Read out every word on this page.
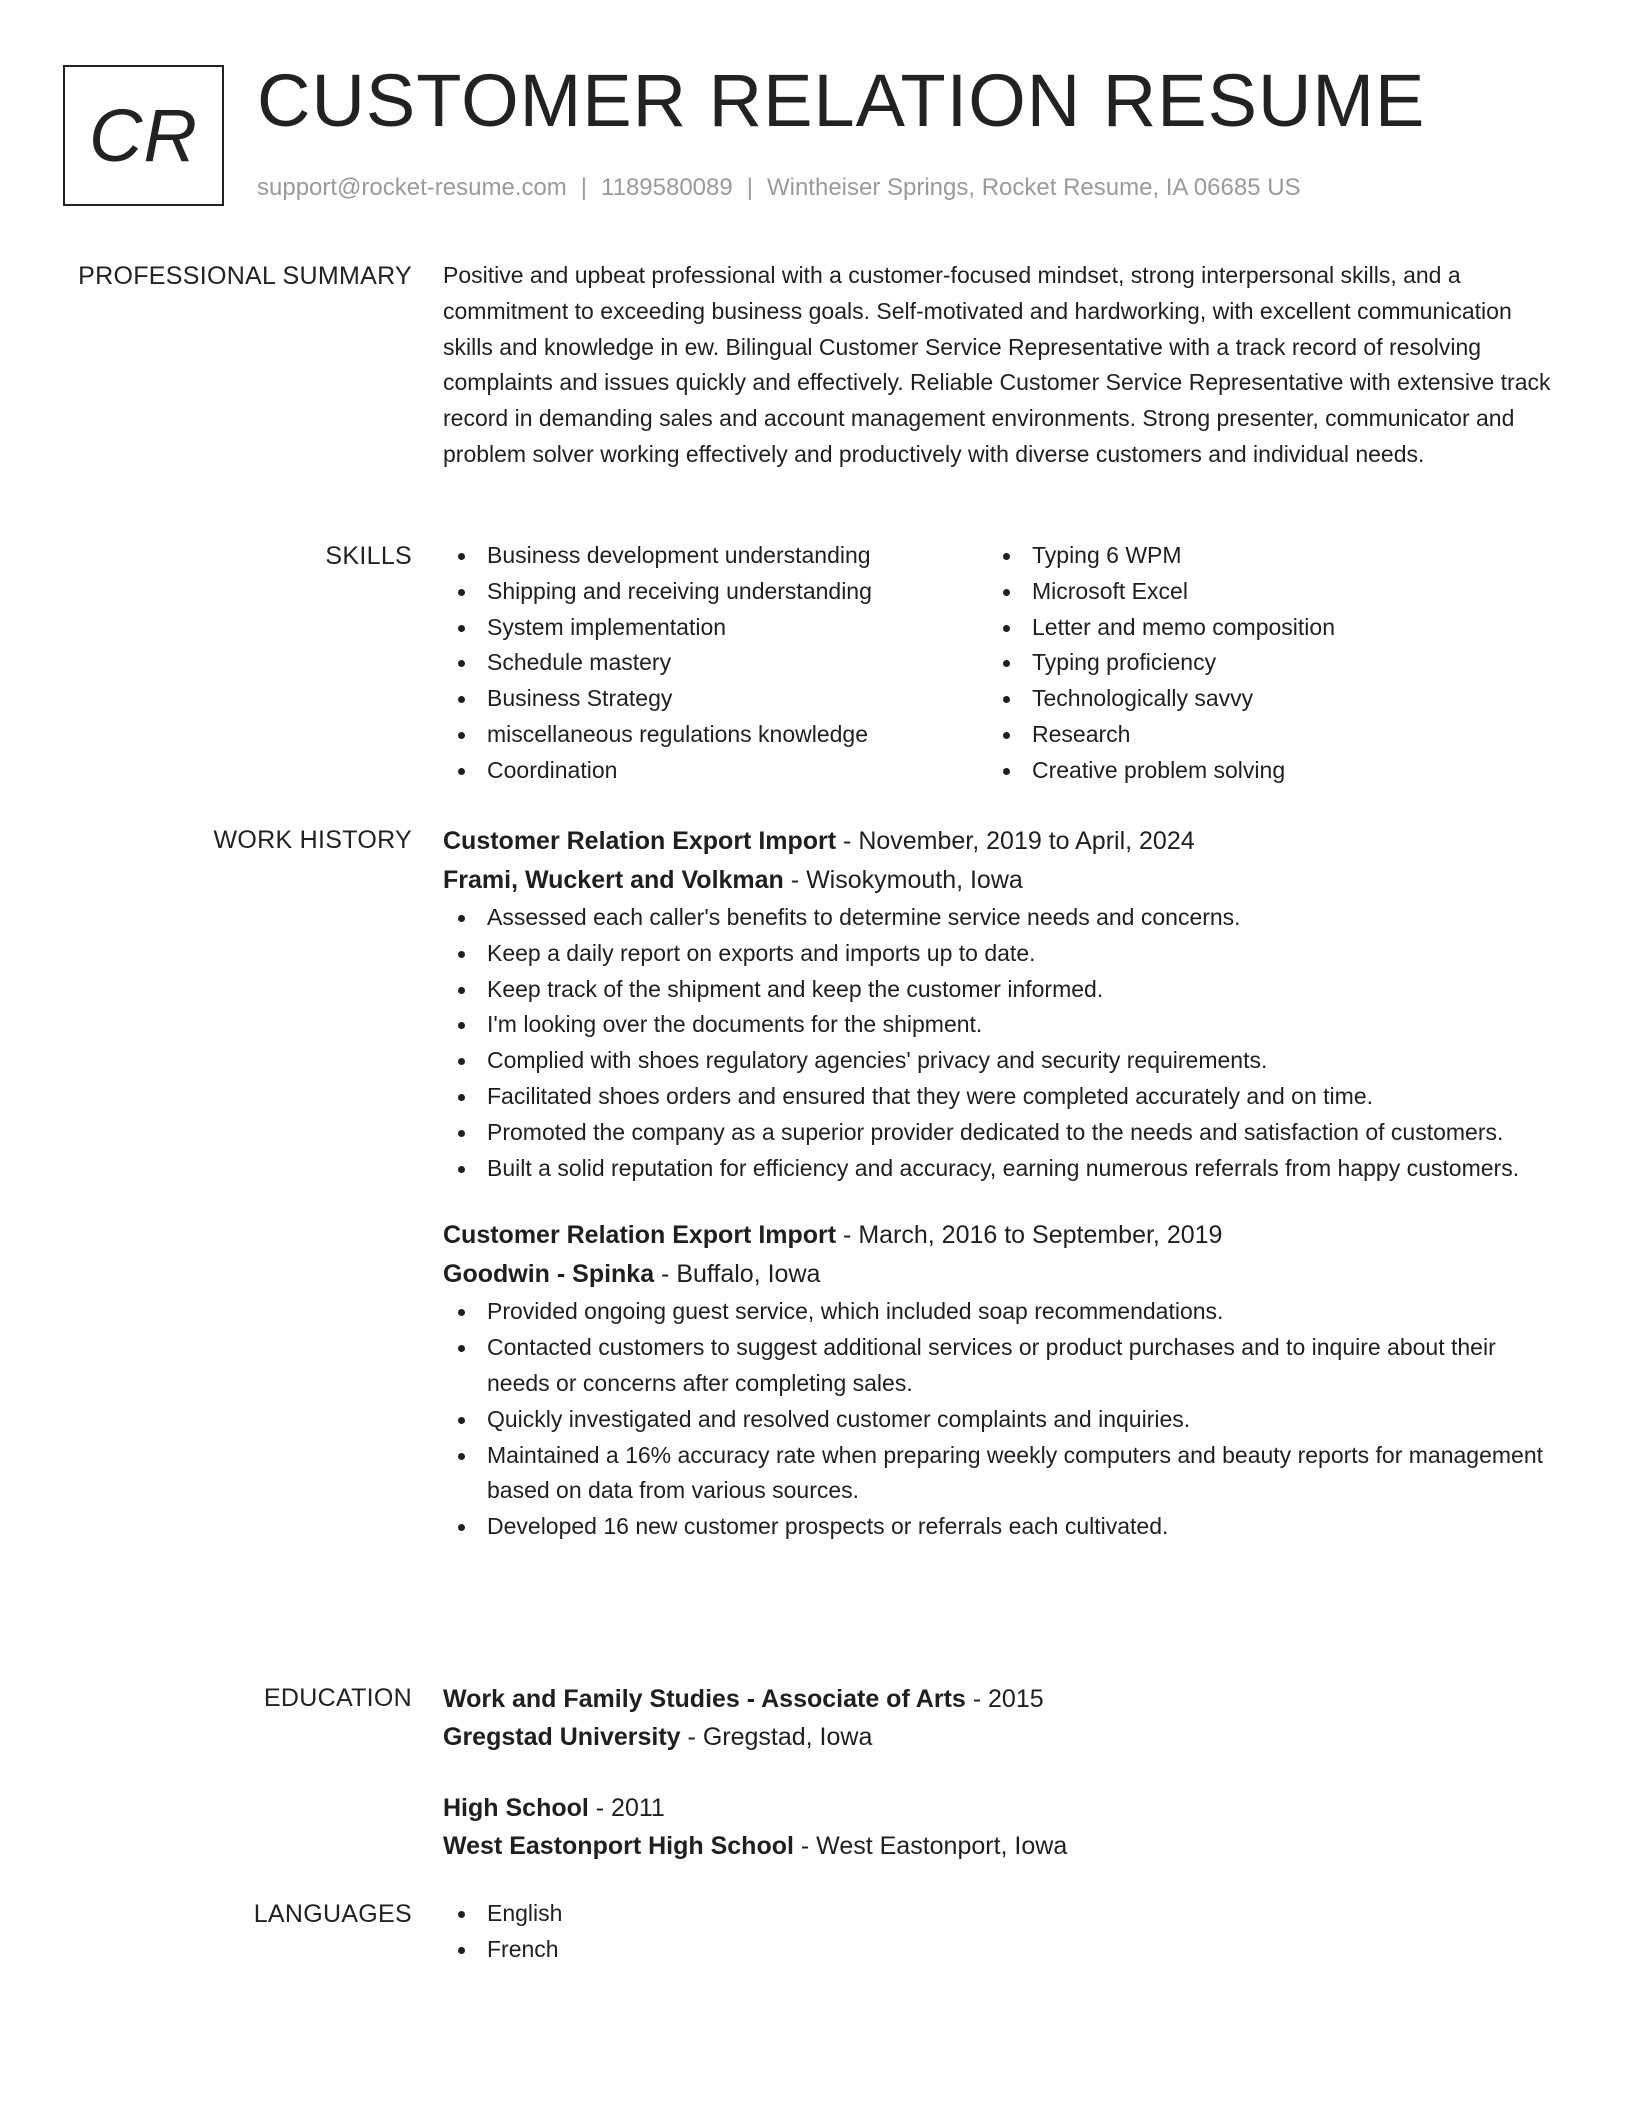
CR CUSTOMER RELATION RESUME
support@rocket-resume.com | 1189580089 | Wintheiser Springs, Rocket Resume, IA 06685 US
PROFESSIONAL SUMMARY Positive and upbeat professional with a customer-focused mindset, strong interpersonal skills, and a commitment to exceeding business goals. Self-motivated and hardworking, with excellent communication skills and knowledge in ew. Bilingual Customer Service Representative with a track record of resolving complaints and issues quickly and effectively. Reliable Customer Service Representative with extensive track record in demanding sales and account management environments. Strong presenter, communicator and problem solver working effectively and productively with diverse customers and individual needs.

SKILLS	Business development understanding
Shipping and receiving understanding
System implementation
Schedule mastery
Business Strategy
miscellaneous regulations knowledge
Coordination
Typing 6 WPM
Microsoft Excel
Letter and memo composition
Typing proficiency
Technologically savvy
Research
Creative problem solving
WORK HISTORY Customer Relation Export Import - November, 2019 to April, 2024
Frami, Wuckert and Volkman - Wisokymouth, Iowa
Assessed each caller's benefits to determine service needs and concerns.
Keep a daily report on exports and imports up to date.
Keep track of the shipment and keep the customer informed.
I'm looking over the documents for the shipment.
Complied with shoes regulatory agencies' privacy and security requirements.
Facilitated shoes orders and ensured that they were completed accurately and on time.
Promoted the company as a superior provider dedicated to the needs and satisfaction of customers.
Built a solid reputation for efficiency and accuracy, earning numerous referrals from happy customers.
Customer Relation Export Import - March, 2016 to September, 2019
Goodwin - Spinka - Buffalo, Iowa
Provided ongoing guest service, which included soap recommendations.
Contacted customers to suggest additional services or product purchases and to inquire about their needs or concerns after completing sales.
Quickly investigated and resolved customer complaints and inquiries.
Maintained a 16% accuracy rate when preparing weekly computers and beauty reports for management based on data from various sources.
Developed 16 new customer prospects or referrals each cultivated.
EDUCATION Work and Family Studies - Associate of Arts - 2015
Gregstad University - Gregstad, Iowa
High School - 2011
West Eastonport High School - West Eastonport, Iowa
LANGUAGES	English
French
